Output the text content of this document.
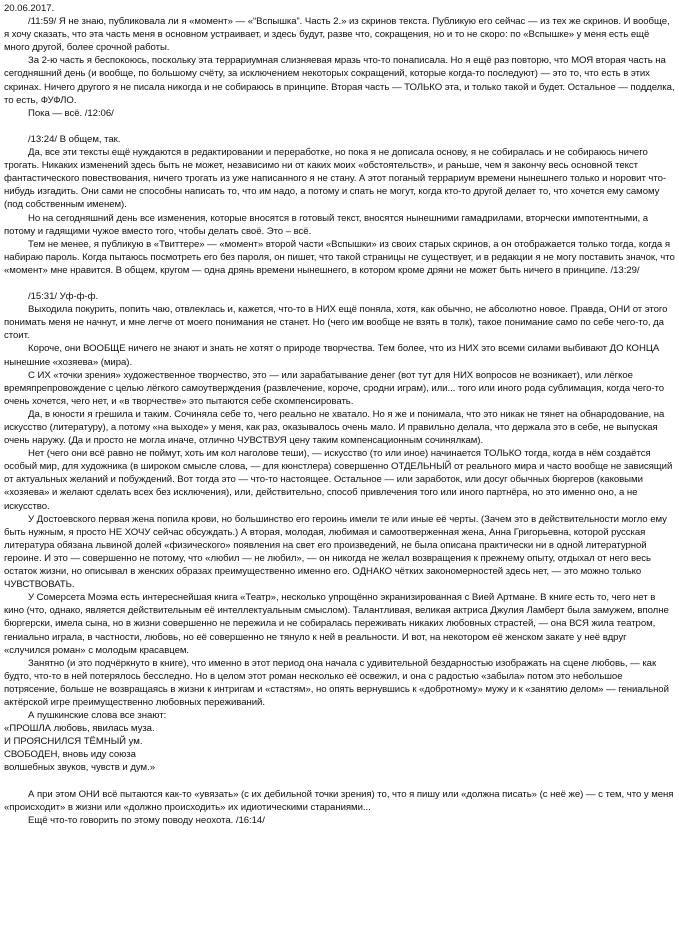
20.06.2017.

/11:59/ Я не знаю, публиковала ли я «момент» — «“Вспышка”. Часть 2.» из скринов текста. Публикую его сейчас — из тех же скринов. И вообще, я хочу сказать, что эта часть меня в основном устраивает, и здесь будут, разве что, сокращения, но и то не скоро: по «Вспышке» у меня есть ещё много другой, более срочной работы.

За 2-ю часть я беспокоюсь, поскольку эта террариумная слизняевая мразь что-то понаписала. Но я ещё раз повторю, что МОЯ вторая часть на сегодняшний день (и вообще, по большому счёту, за исключением некоторых сокращений, которые когда-то последуют) — это то, что есть в этих скринах. Ничего другого я не писала никогда и не собираюсь в принципе. Вторая часть — ТОЛЬКО эта, и только такой и будет. Остальное — подделка, то есть, ФУФЛО.

Пока — всё. /12:06/

/13:24/ В общем, так.

Да, все эти тексты ещё нуждаются в редактировании и переработке, но пока я не дописала основу, я не собиралась и не собираюсь ничего трогать. Никаких изменений здесь быть не может, независимо ни от каких моих «обстоятельств», и раньше, чем я закончу весь основной текст фантастического повествования, ничего трогать из уже написанного я не стану. А этот поганый террариум времени нынешнего только и норовит что-нибудь изгадить. Они сами не способны написать то, что им надо, а потому и спать не могут, когда кто-то другой делает то, что хочется ему самому (под собственным именем).

Но на сегодняшний день все изменения, которые вносятся в готовый текст, вносятся нынешними гамадрилами, вторчески импотентными, а потому и гадящими чужое вместо того, чтобы делать своё. Это – всё.

Тем не менее, я публикую в «Твиттере» — «момент» второй части «Вспышки» из своих старых скринов, а он отображается только тогда, когда я набираю пароль. Когда пытаюсь посмотреть его без пароля, он пишет, что такой страницы не существует, и в редакции я не могу поставить значок, что «момент» мне нравится. В общем, кругом — одна дрянь времени нынешнего, в котором кроме дряни не может быть ничего в принципе. /13:29/

/15:31/ Уф-ф-ф.

Выходила покурить, попить чаю, отвлеклась и, кажется, что-то в НИХ ещё поняла, хотя, как обычно, не абсолютно новое. Правда, ОНИ от этого понимать меня не начнут, и мне легче от моего понимания не станет. Но (чего им вообще не взять в толк), такое понимание само по себе чего-то, да стоит.

Короче, они ВООБЩЕ ничего не знают и знать не хотят о природе творчества. Тем более, что из НИХ это всеми силами выбивают ДО КОНЦА нынешние «хозяева» (мира).

С ИХ «точки зрения» художественное творчество, это — или зарабатывание денег (вот тут для НИХ вопросов не возникает), или лёгкое времяпрепровождение с целью лёгкого самоутверждения (развлечение, короче, сродни играм), или... того или иного рода сублимация, когда чего-то очень хочется, чего нет, и «в творчестве» это пытаются себе скомпенсировать.

Да, в юности я грешила и таким. Сочиняла себе то, чего реально не хватало. Но я же и понимала, что это никак не тянет на обнародование, на искусство (литературу), а потому «на выходе» у меня, как раз, оказывалось очень мало. И правильно делала, что держала это в себе, не выпуская очень наружу. (Да и просто не могла иначе, отлично ЧУВСТВУЯ цену таким компенсационным сочинялкам).

Нет (чего они всё равно не поймут, хоть им кол наголове теши), — искусство (то или иное) начинается ТОЛЬКО тогда, когда в нём создаётся особый мир, для художника (в широком смысле слова, — для кюнстлера) совершенно ОТДЕЛЬНЫЙ от реального мира и часто вообще не зависящий от актуальных желаний и побуждений. Вот тогда это — что-то настоящее. Остальное — или заработок, или досуг обычных бюргеров (каковыми «хозяева» и желают сделать всех без исключения), или, действительно, способ привлечения того или иного партнёра, но это именно оно, а не искусство.

У Достоевского первая жена попила крови, но большинство его героинь имели те или иные её черты. (Зачем это в действительности могло ему быть нужным, я просто НЕ ХОЧУ сейчас обсуждать.) А вторая, молодая, любимая и самоотверженная жена, Анна Григорьевна, которой русская литература обязана львиной долей «физического» появления на свет его произведений, не была описана практически ни в одной литературной героине. И это — совершенно не потому, что «любил — не любил», — он никогда не желал возвращения к прежнему опыту, отдыхал от него весь остаток жизни, но описывал в женских образах преимущественно именно его. ОДНАКО чётких закономерностей здесь нет, — это можно только ЧУВСТВОВАТЬ.

У Сомерсета Моэма есть интереснейшая книга «Театр», несколько упрощённо экранизированная с Вией Артмане. В книге есть то, чего нет в кино (что, однако, является действительным её интеллектуальным смыслом). Талантливая, великая актриса Джулия Ламберт была замужем, вполне бюргерски, имела сына, но в жизни совершенно не пережила и не собиралась переживать никаких любовных страстей, — она ВСЯ жила театром, гениально играла, в частности, любовь, но её совершенно не тянуло к ней в реальности. И вот, на некотором её женском закате у неё вдруг «случился роман» с молодым красавцем.

Занятно (и это подчёркнуто в книге), что именно в этот период она начала с удивительной бездарностью изображать на сцене любовь, — как будто, что-то в ней потерялось бесследно. Но в целом этот роман несколько её освежил, и она с радостью «забыла» потом это небольшое потрясение, больше не возвращаясь в жизни к интригам и «стастям», но опять вернувшись к «добротному» мужу и к «занятию делом» — гениальной актёрской игре преимущественно любовных переживаний.

А пушкинские слова все знают:

«ПРОШЛА любовь, явилась муза.
И ПРОЯСНИЛСЯ ТЁМНЫЙ ум.
СВОБОДЕН, вновь иду союза
волшебных звуков, чувств и дум.»

А при этом ОНИ всё пытаются как-то «увязать» (с их дебильной точки зрения) то, что я пишу или «должна писать» (с неё же) — с тем, что у меня «происходит» в жизни или «должно происходить» их идиотическими стараниями...

Ещё что-то говорить по этому поводу неохота. /16:14/
